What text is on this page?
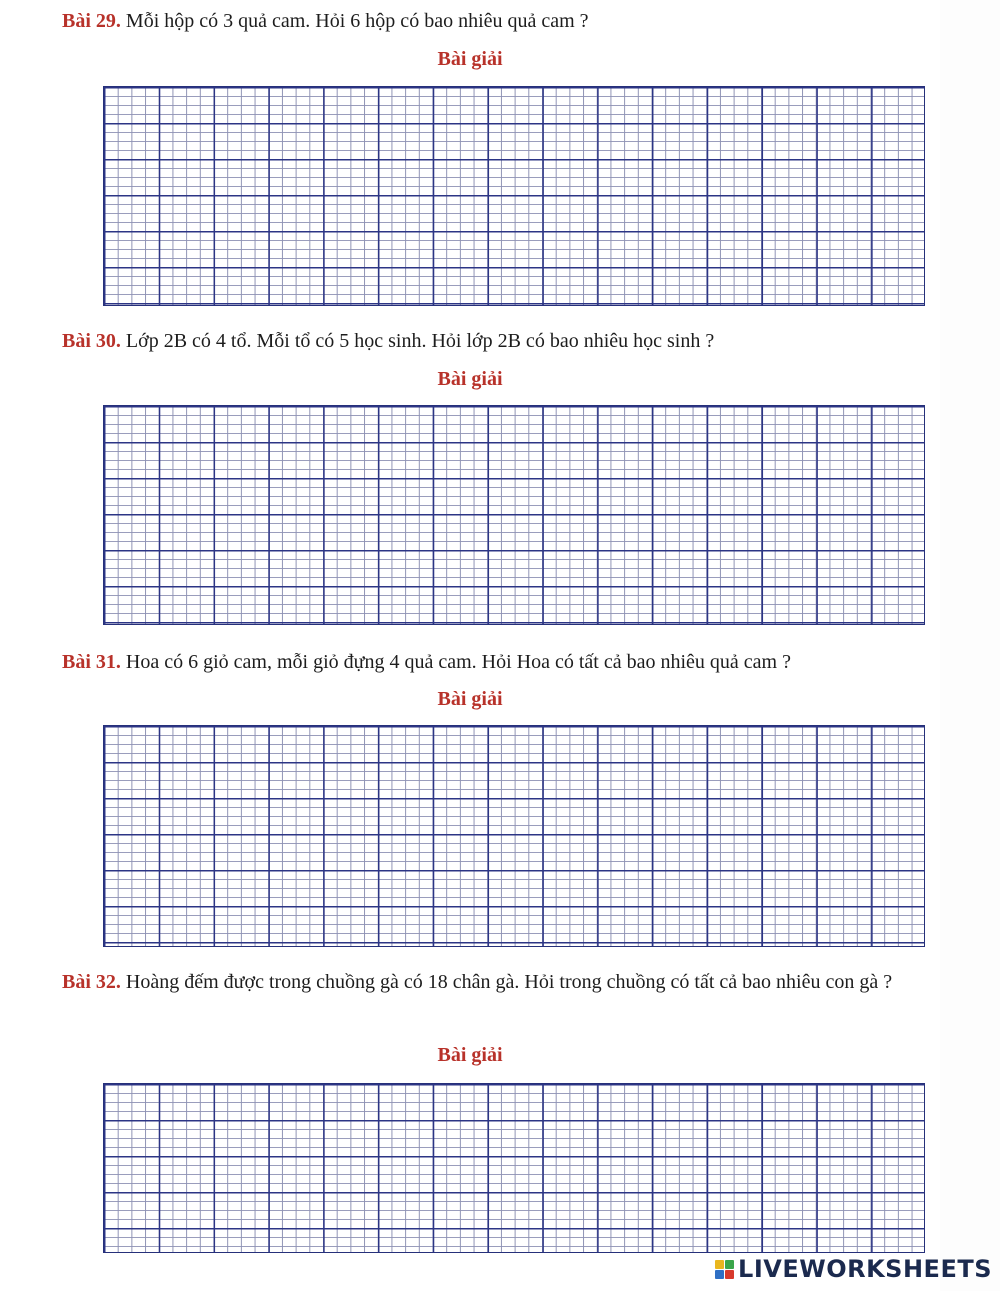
Bài 29. Mỗi hộp có 3 quả cam. Hỏi 6 hộp có bao nhiêu quả cam ?
Bài giải
Bài 30. Lớp 2B có 4 tổ. Mỗi tổ có 5 học sinh. Hỏi lớp 2B có bao nhiêu học sinh ?
Bài giải
Bài 31. Hoa có 6 giỏ cam, mỗi giỏ đựng 4 quả cam. Hỏi Hoa có tất cả bao nhiêu quả cam ?
Bài giải
Bài 32. Hoàng đếm được trong chuồng gà có 18 chân gà. Hỏi trong chuồng có tất cả bao nhiêu con gà ?
Bài giải
LIVEWORKSHEETS
